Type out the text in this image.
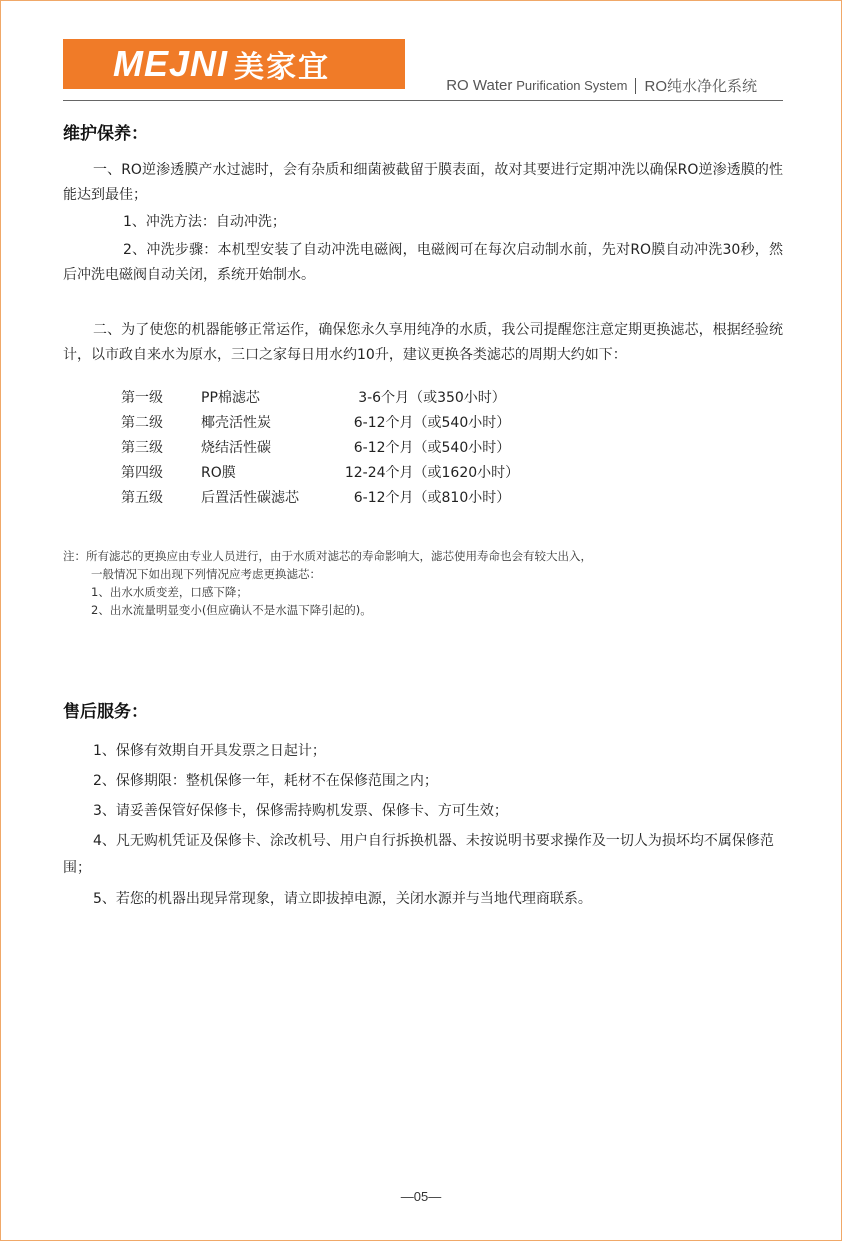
MEJNI 美家宜
RO Water
Purification System RO纯水净化系统
维护保养：

一、RO逆渗透膜产水过滤时，会有杂质和细菌被截留于膜表面，故对其要进行定期冲洗以确保RO逆渗透膜的性能达到最佳；

1、冲洗方法：自动冲洗；

2、冲洗步骤：本机型安装了自动冲洗电磁阀，电磁阀可在每次启动制水前，先对RO膜自动冲洗30秒，然后冲洗电磁阀自动关闭，系统开始制水。

二、为了使您的机器能够正常运作，确保您永久享用纯净的水质，我公司提醒您注意定期更换滤芯，根据经验统计，以市政自来水为原水，三口之家每日用水约10升，建议更换各类滤芯的周期大约如下：

第一级	PP棉滤芯	3-6个月（或350小时）
第二级	椰壳活性炭	6-12个月（或540小时）
第三级	烧结活性碳	6-12个月（或540小时）
第四级	RO膜	12-24个月（或1620小时）
第五级	后置活性碳滤芯	6-12个月（或810小时）

注：所有滤芯的更换应由专业人员进行，由于水质对滤芯的寿命影响大，滤芯使用寿命也会有较大出入，

一般情况下如出现下列情况应考虑更换滤芯：

1、出水水质变差，口感下降；

2、出水流量明显变小(但应确认不是水温下降引起的)。

售后服务：

1、保修有效期自开具发票之日起计；

2、保修期限：整机保修一年，耗材不在保修范围之内；

3、请妥善保管好保修卡，保修需持购机发票、保修卡、方可生效；

4、凡无购机凭证及保修卡、涂改机号、用户自行拆换机器、未按说明书要求操作及一切人为损坏均不属保修范围；

5、若您的机器出现异常现象，请立即拔掉电源，关闭水源并与当地代理商联系。

—05—
